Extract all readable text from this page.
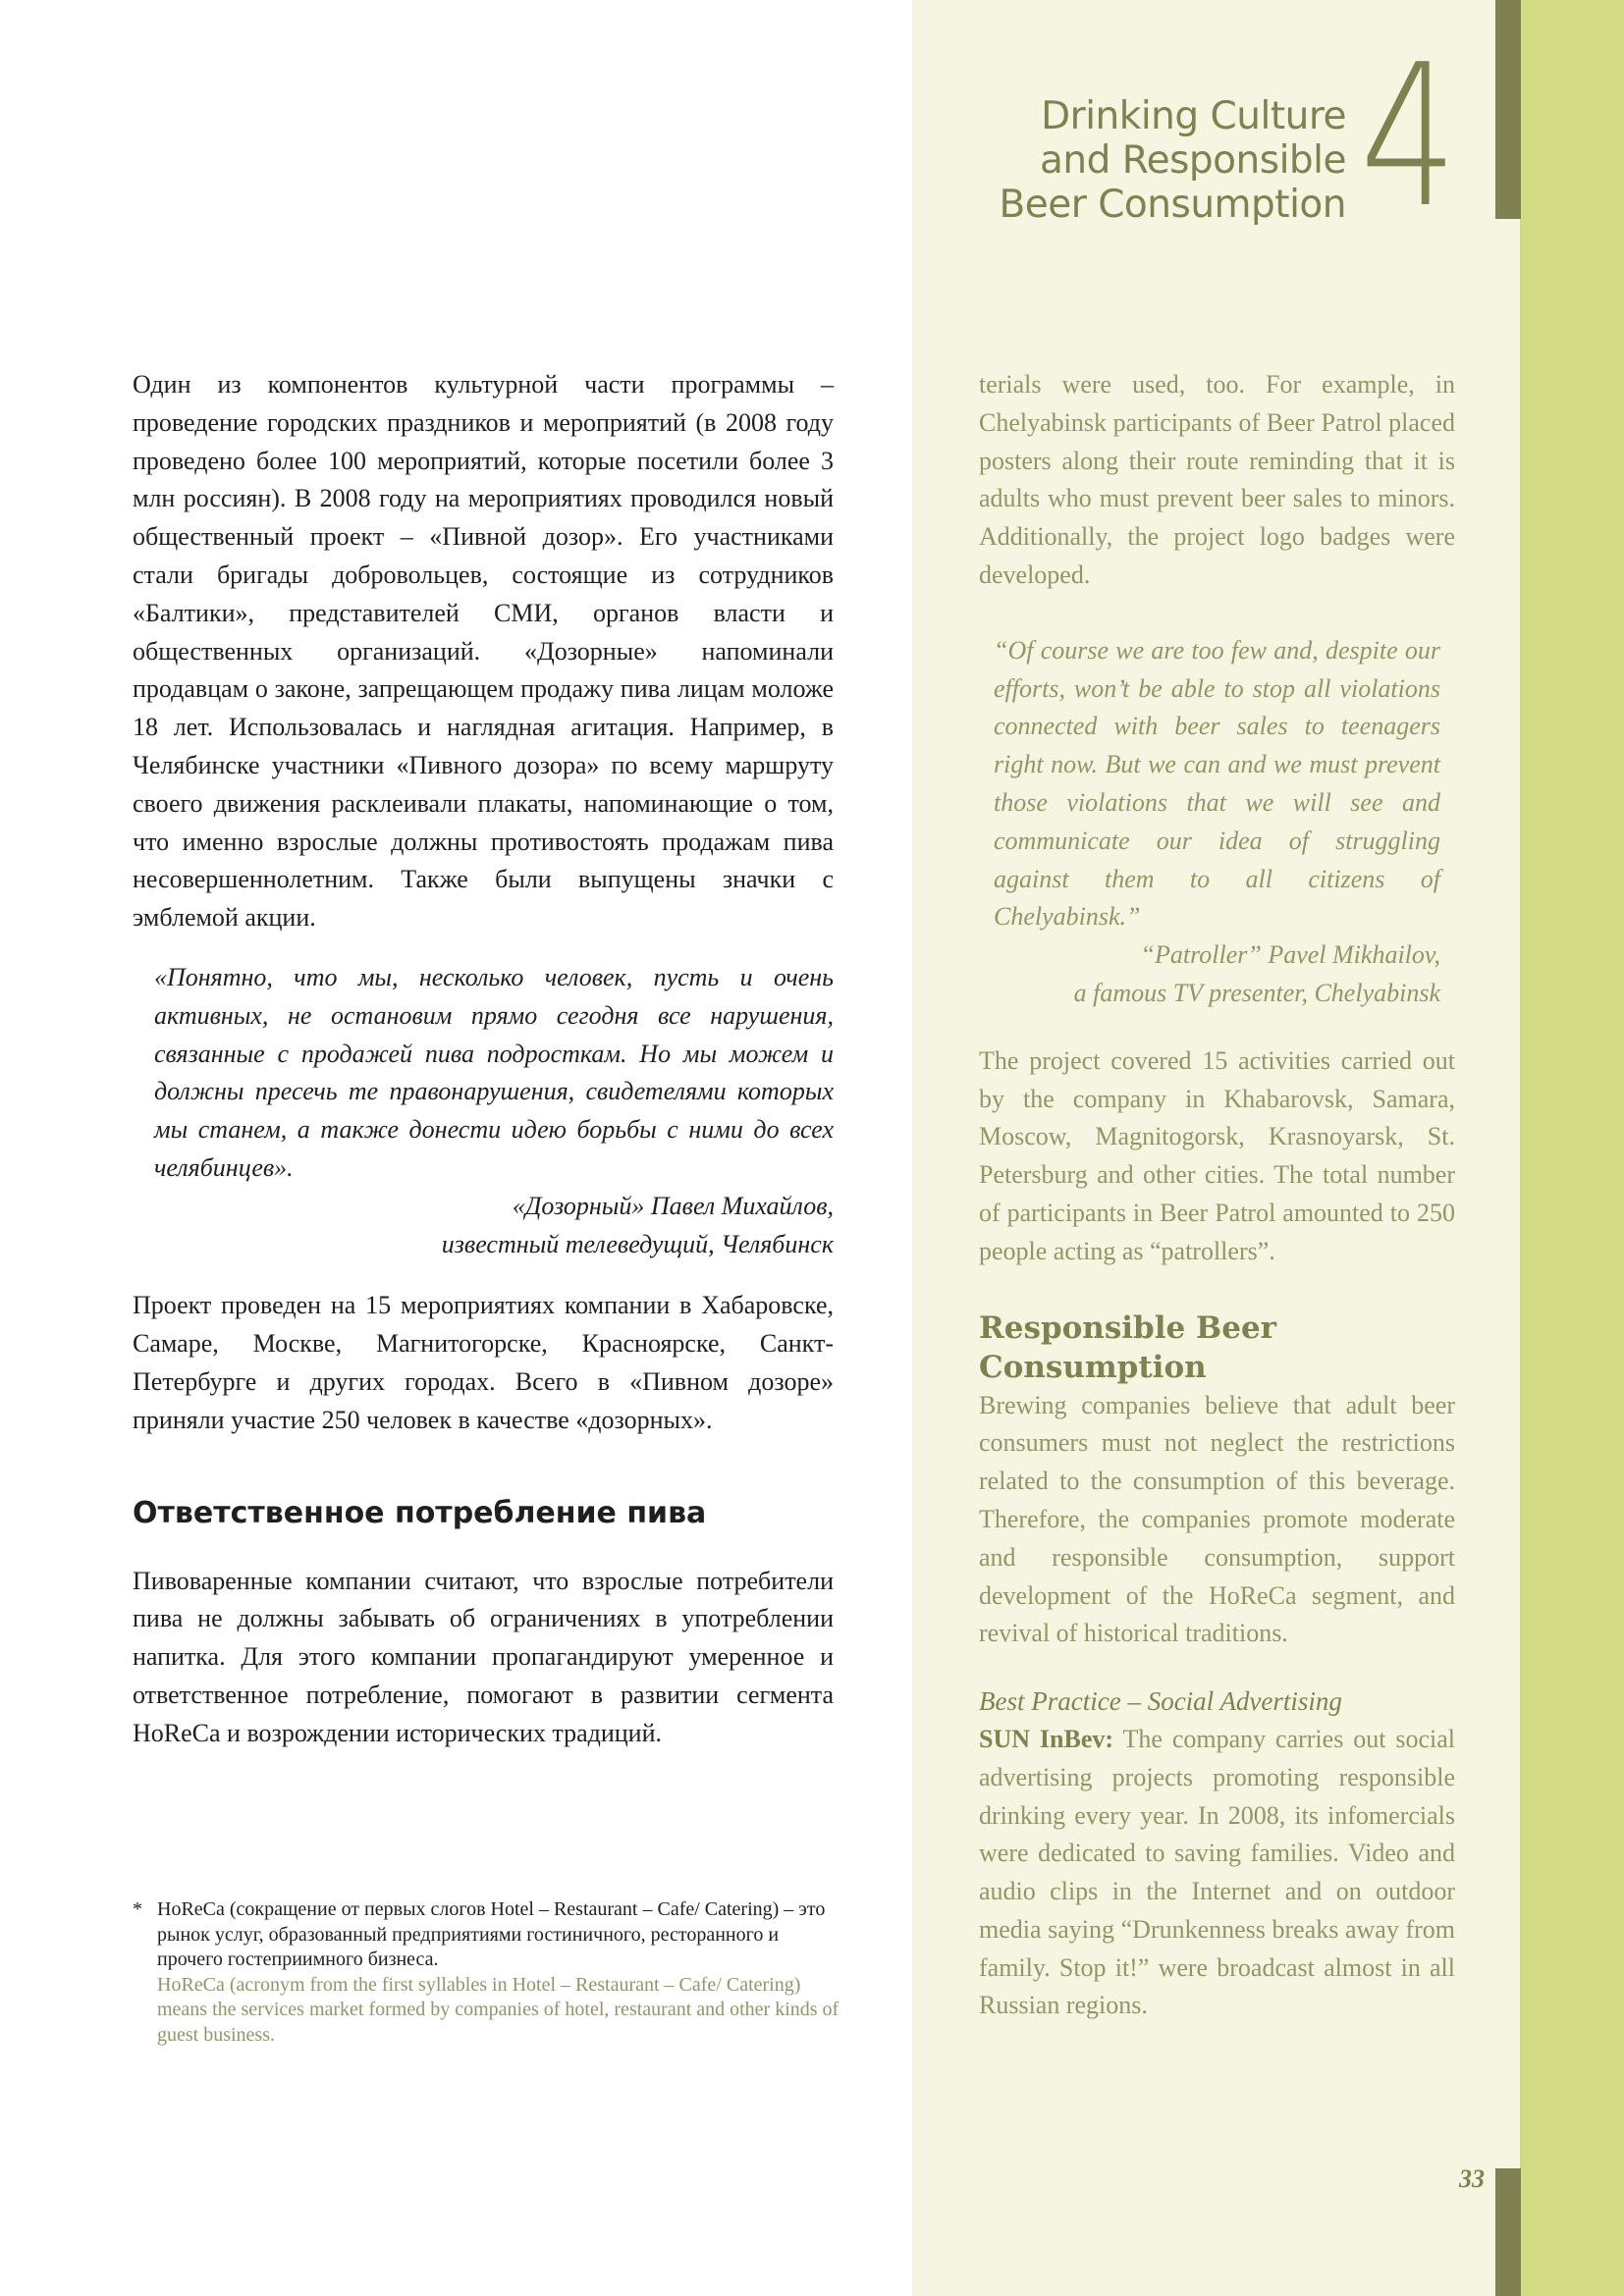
Drinking Culture
and Responsible
Beer Consumption 4

Один из компонентов культурной части программы – проведение городских праздников и мероприятий (в 2008 году проведено более 100 мероприятий, которые посетили более 3 млн россиян). В 2008 году на мероприятиях проводился новый общественный проект – «Пивной дозор». Его участниками стали бригады добровольцев, состоящие из сотрудников «Балтики», представителей СМИ, органов власти и общественных организаций. «Дозорные» напоминали продавцам о законе, запрещающем продажу пива лицам моложе 18 лет. Использовалась и наглядная агитация. Например, в Челябинске участники «Пивного дозора» по всему маршруту своего движения расклеивали плакаты, напоминающие о том, что именно взрослые должны противостоять продажам пива несовершеннолетним. Также были выпущены значки с эмблемой акции.

«Понятно, что мы, несколько человек, пусть и очень активных, не остановим прямо сегодня все нарушения, связанные с продажей пива подросткам. Но мы можем и должны пресечь те правонарушения, свидетелями которых мы станем, а также донести идею борьбы с ними до всех челябинцев».

«Дозорный» Павел Михайлов,

известный телеведущий, Челябинск

Проект проведен на 15 мероприятиях компании в Хабаровске, Самаре, Москве, Магнитогорске, Красноярске, Санкт-Петербурге и других городах. Всего в «Пивном дозоре» приняли участие 250 человек в качестве «дозорных».

Ответственное потребление пива

Пивоваренные компании считают, что взрослые потребители пива не должны забывать об ограничениях в употреблении напитка. Для этого компании пропагандируют умеренное и ответственное потребление, помогают в развитии сегмента HoReCa и возрождении исторических традиций.

* HoReCa (сокращение от первых слогов Hotel – Restaurant – Cafe/ Catering) – это рынок услуг, образованный предприятиями гостиничного, ресторанного и прочего гостеприимного бизнеса.

HoReCa (acronym from the first syllables in Hotel – Restaurant – Cafe/ Catering) means the services market formed by companies of hotel, restaurant and other kinds of guest business.

terials were used, too. For example, in Chelyabinsk participants of Beer Patrol placed posters along their route reminding that it is adults who must prevent beer sales to minors. Additionally, the project logo badges were developed.

“Of course we are too few and, despite our efforts, won’t be able to stop all violations connected with beer sales to teenagers right now. But we can and we must prevent those violations that we will see and communicate our idea of struggling against them to all citizens of Chelyabinsk.”

“Patroller” Pavel Mikhailov,

a famous TV presenter, Chelyabinsk

The project covered 15 activities carried out by the company in Khabarovsk, Samara, Moscow, Magnitogorsk, Krasnoyarsk, St. Petersburg and other cities. The total number of participants in Beer Patrol amounted to 250 people acting as “patrollers”.

Responsible Beer Consumption

Brewing companies believe that adult beer consumers must not neglect the restrictions related to the consumption of this beverage. Therefore, the companies promote moderate and responsible consumption, support development of the HoReCa segment, and revival of historical traditions.

Best Practice – Social Advertising

SUN InBev: The company carries out social advertising projects promoting responsible drinking every year. In 2008, its infomercials were dedicated to saving families. Video and audio clips in the Internet and on outdoor media saying “Drunkenness breaks away from family. Stop it!” were broadcast almost in all Russian regions.

33
